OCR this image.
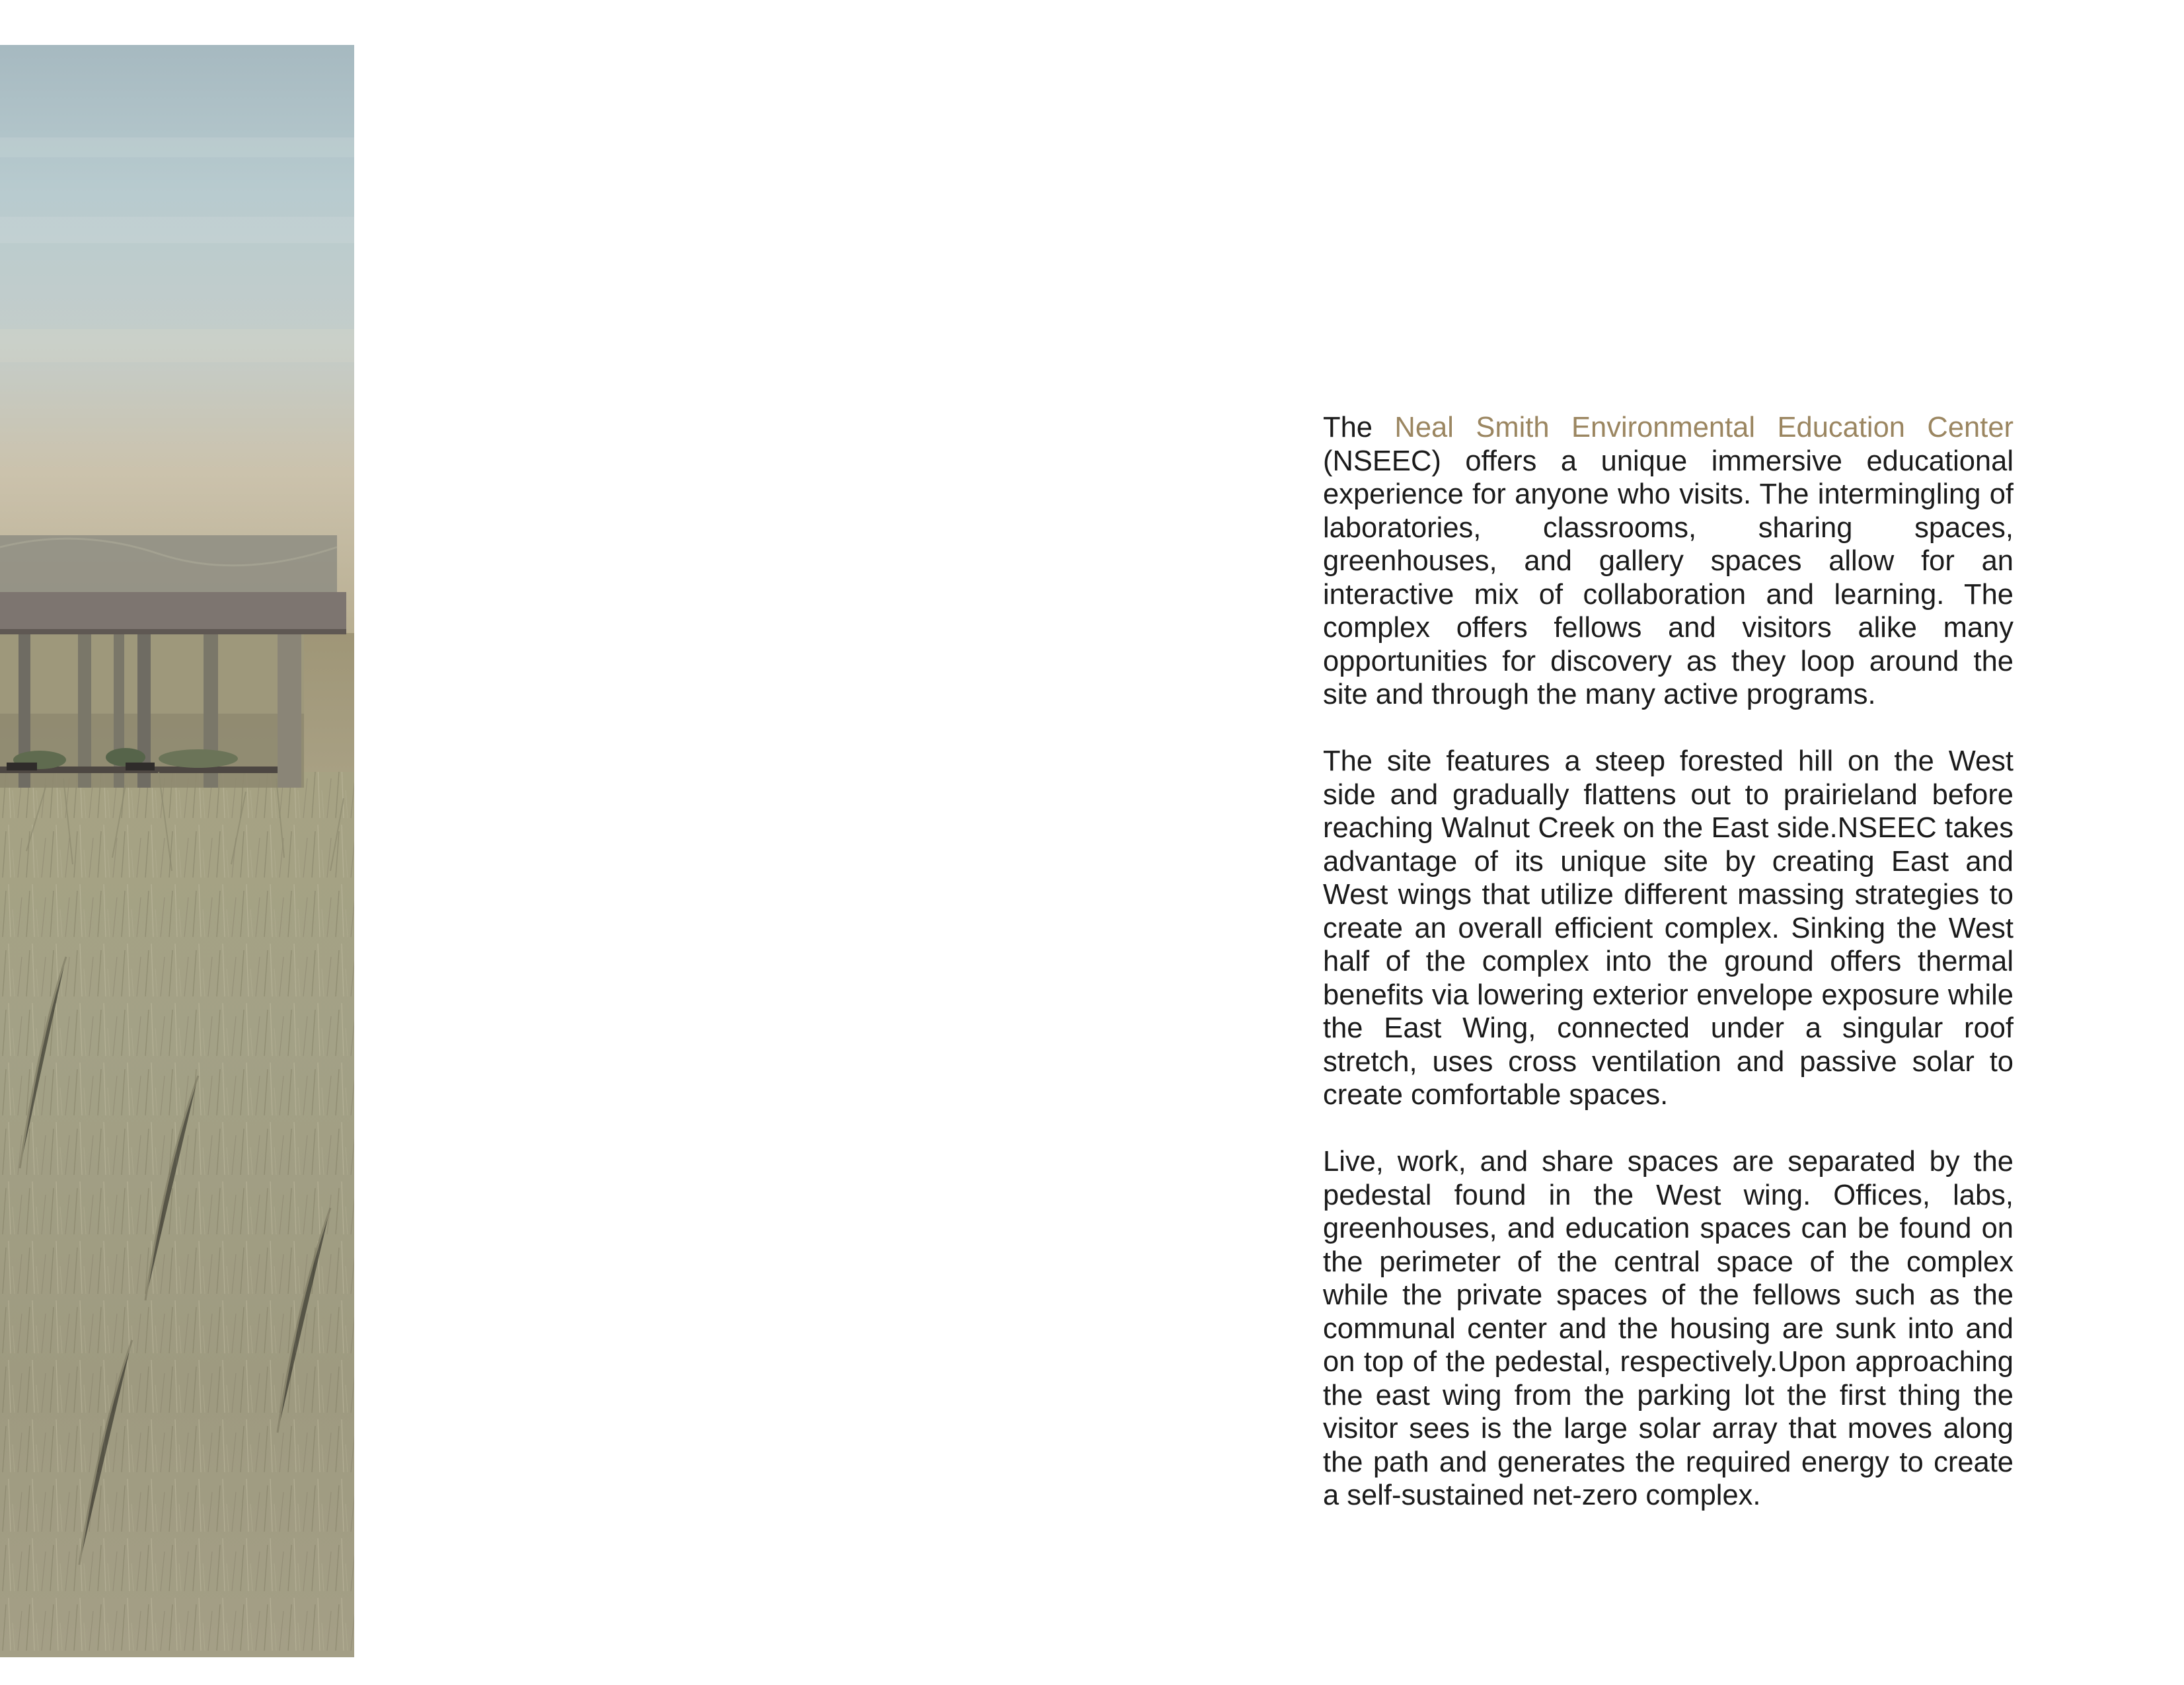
The Neal Smith Environmental Education Center (NSEEC) offers a unique immersive educational experience for anyone who visits. The intermingling of laboratories, classrooms, sharing spaces, greenhouses, and gallery spaces allow for an interactive mix of collaboration and learning. The complex offers fellows and visitors alike many opportunities for discovery as they loop around the site and through the many active programs.

The site features a steep forested hill on the West side and gradually flattens out to prairieland before reaching Walnut Creek on the East side.NSEEC takes advantage of its unique site by creating East and West wings that utilize different massing strategies to create an overall efficient complex. Sinking the West half of the complex into the ground offers thermal benefits via lowering exterior envelope exposure while the East Wing, connected under a singular roof stretch, uses cross ventilation and passive solar to create comfortable spaces.

Live, work, and share spaces are separated by the pedestal found in the West wing. Offices, labs, greenhouses, and education spaces can be found on the perimeter of the central space of the complex while the private spaces of the fellows such as the communal center and the housing are sunk into and on top of the pedestal, respectively.Upon approaching the east wing from the parking lot the first thing the visitor sees is the large solar array that moves along the path and generates the required energy to create a self-sustained net-zero complex.
